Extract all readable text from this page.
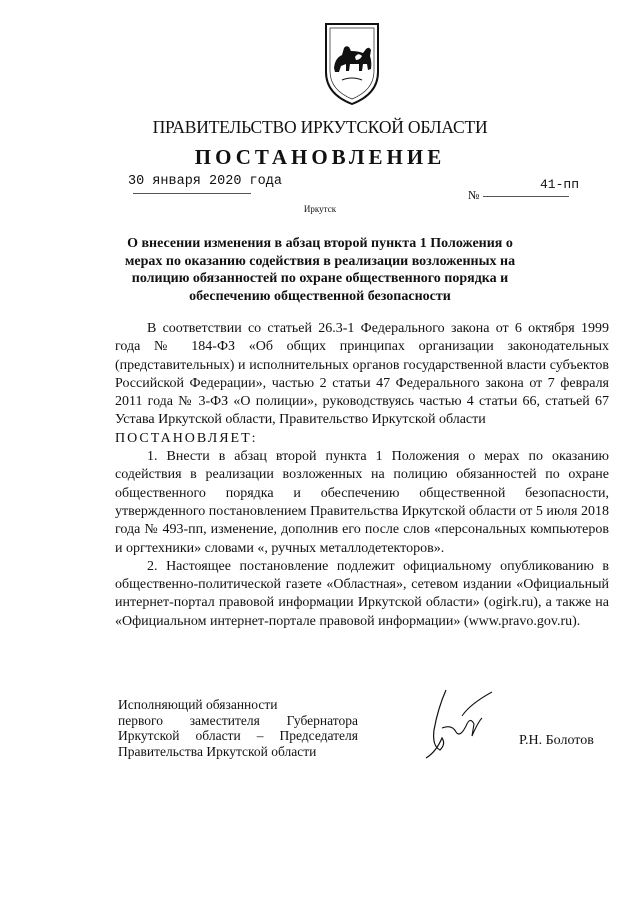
ПРАВИТЕЛЬСТВО ИРКУТСКОЙ ОБЛАСТИ
ПОСТАНОВЛЕНИЕ
30 января 2020 года
№
41-пп
Иркутск
О внесении изменения в абзац второй пункта 1 Положения о мерах по оказанию содействия в реализации возложенных на полицию обязанностей по охране общественного порядка и обеспечению общественной безопасности

В соответствии со статьей 26.3-1 Федерального закона от 6 октября 1999 года № 184-ФЗ «Об общих принципах организации законодательных (представительных) и исполнительных органов государственной власти субъектов Российской Федерации», частью 2 статьи 47 Федерального закона от 7 февраля 2011 года № 3-ФЗ «О полиции», руководствуясь частью 4 статьи 66, статьей 67 Устава Иркутской области, Правительство Иркутской области

ПОСТАНОВЛЯЕТ:

1. Внести в абзац второй пункта 1 Положения о мерах по оказанию содействия в реализации возложенных на полицию обязанностей по охране общественного порядка и обеспечению общественной безопасности, утвержденного постановлением Правительства Иркутской области от 5 июля 2018 года № 493-пп, изменение, дополнив его после слов «персональных компьютеров и оргтехники» словами «, ручных металлодетекторов».

2. Настоящее постановление подлежит официальному опубликованию в общественно-политической газете «Областная», сетевом издании «Официальный интернет-портал правовой информации Иркутской области» (ogirk.ru), а также на «Официальном интернет-портале правовой информации» (www.pravo.gov.ru).

Исполняющий обязанности
первого заместителя Губернатора
Иркутской области – Председателя
Правительства Иркутской области
Р.Н. Болотов
